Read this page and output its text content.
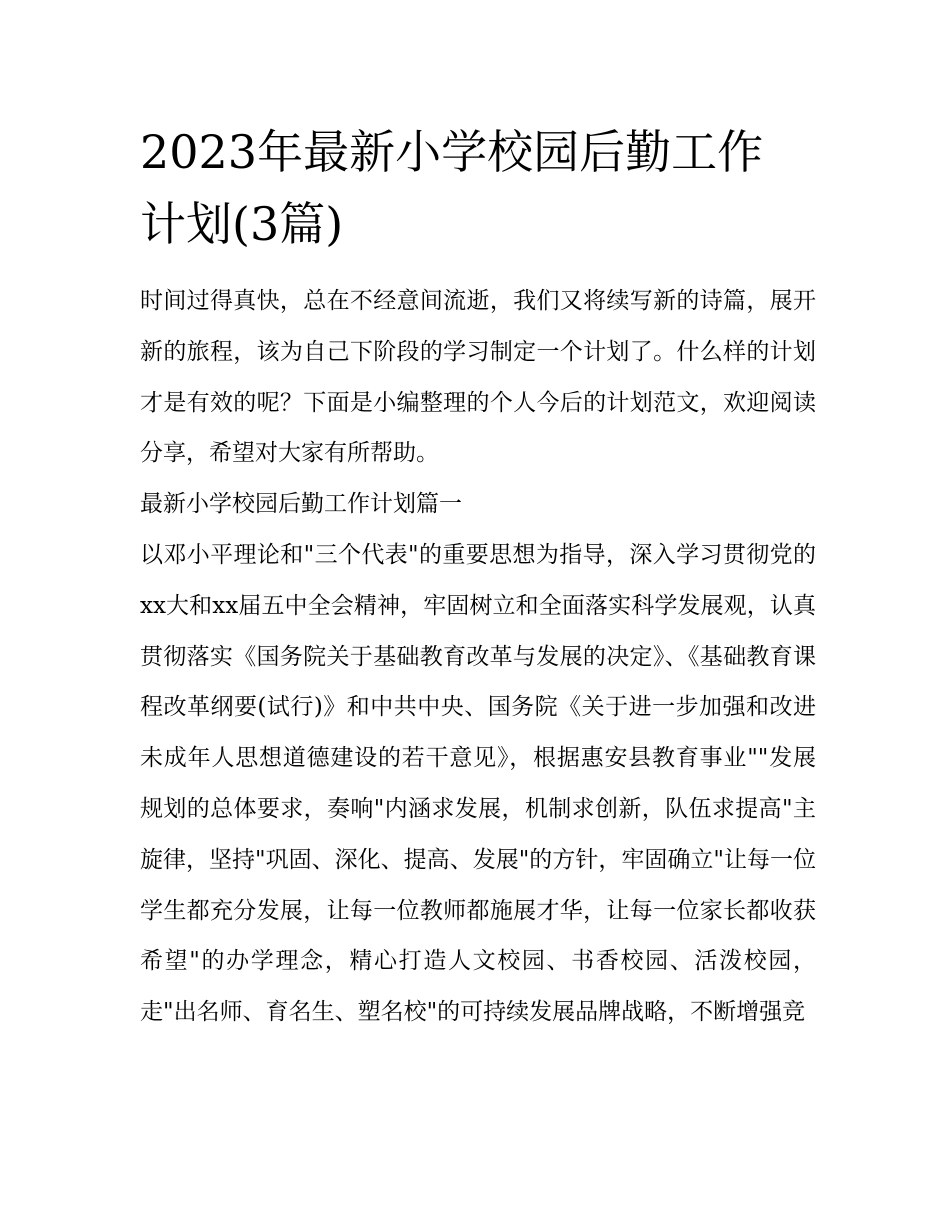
2023年最新小学校园后勤工作
计划(3篇)

时间过得真快，总在不经意间流逝，我们又将续写新的诗篇，展开新的旅程，该为自己下阶段的学习制定一个计划了。什么样的计划才是有效的呢？下面是小编整理的个人今后的计划范文，欢迎阅读分享，希望对大家有所帮助。

最新小学校园后勤工作计划篇一

以邓小平理论和"三个代表"的重要思想为指导，深入学习贯彻党的xx大和xx届五中全会精神，牢固树立和全面落实科学发展观，认真贯彻落实《国务院关于基础教育改革与发展的决定》、《基础教育课程改革纲要(试行)》和中共中央、国务院《关于进一步加强和改进未成年人思想道德建设的若干意见》，根据惠安县教育事业""发展规划的总体要求，奏响"内涵求发展，机制求创新，队伍求提高"主旋律，坚持"巩固、深化、提高、发展"的方针，牢固确立"让每一位学生都充分发展，让每一位教师都施展才华，让每一位家长都收获希望"的办学理念，精心打造人文校园、书香校园、活泼校园，走"出名师、育名生、塑名校"的可持续发展品牌战略，不断增强竞
